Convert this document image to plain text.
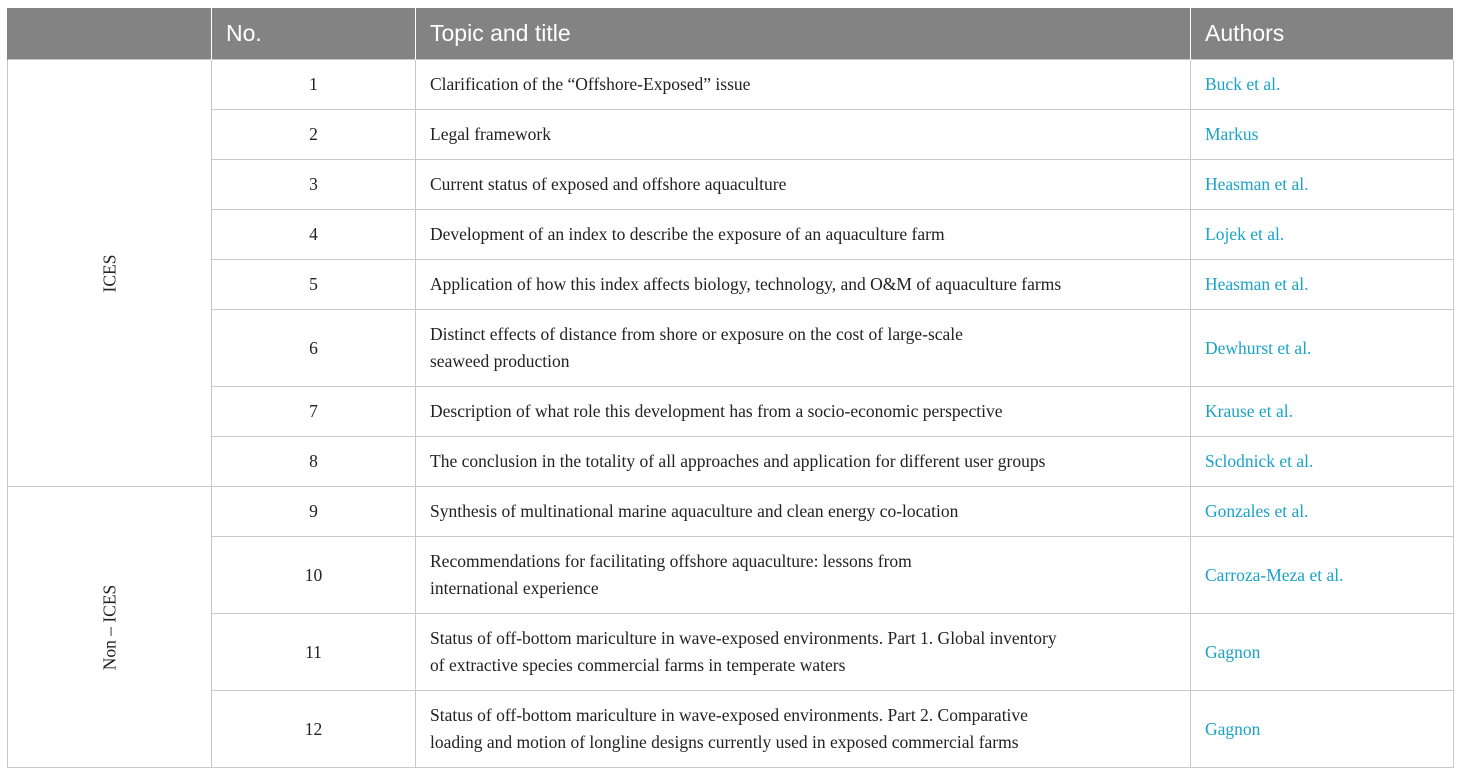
	No.	Topic and title	Authors
ICES	1	Clarification of the “Offshore-Exposed” issue	Buck et al.
	2	Legal framework	Markus
	3	Current status of exposed and offshore aquaculture	Heasman et al.
	4	Development of an index to describe the exposure of an aquaculture farm	Lojek et al.
	5	Application of how this index affects biology, technology, and O&M of aquaculture farms	Heasman et al.
	6	Distinct effects of distance from shore or exposure on the cost of large-scale
seaweed production	Dewhurst et al.
	7	Description of what role this development has from a socio-economic perspective	Krause et al.
	8	The conclusion in the totality of all approaches and application for different user groups	Sclodnick et al.
Non – ICES	9	Synthesis of multinational marine aquaculture and clean energy co-location	Gonzales et al.
	10	Recommendations for facilitating offshore aquaculture: lessons from
international experience	Carroza-Meza et al.
	11	Status of off-bottom mariculture in wave-exposed environments. Part 1. Global inventory
of extractive species commercial farms in temperate waters	Gagnon
	12	Status of off-bottom mariculture in wave-exposed environments. Part 2. Comparative
loading and motion of longline designs currently used in exposed commercial farms	Gagnon
